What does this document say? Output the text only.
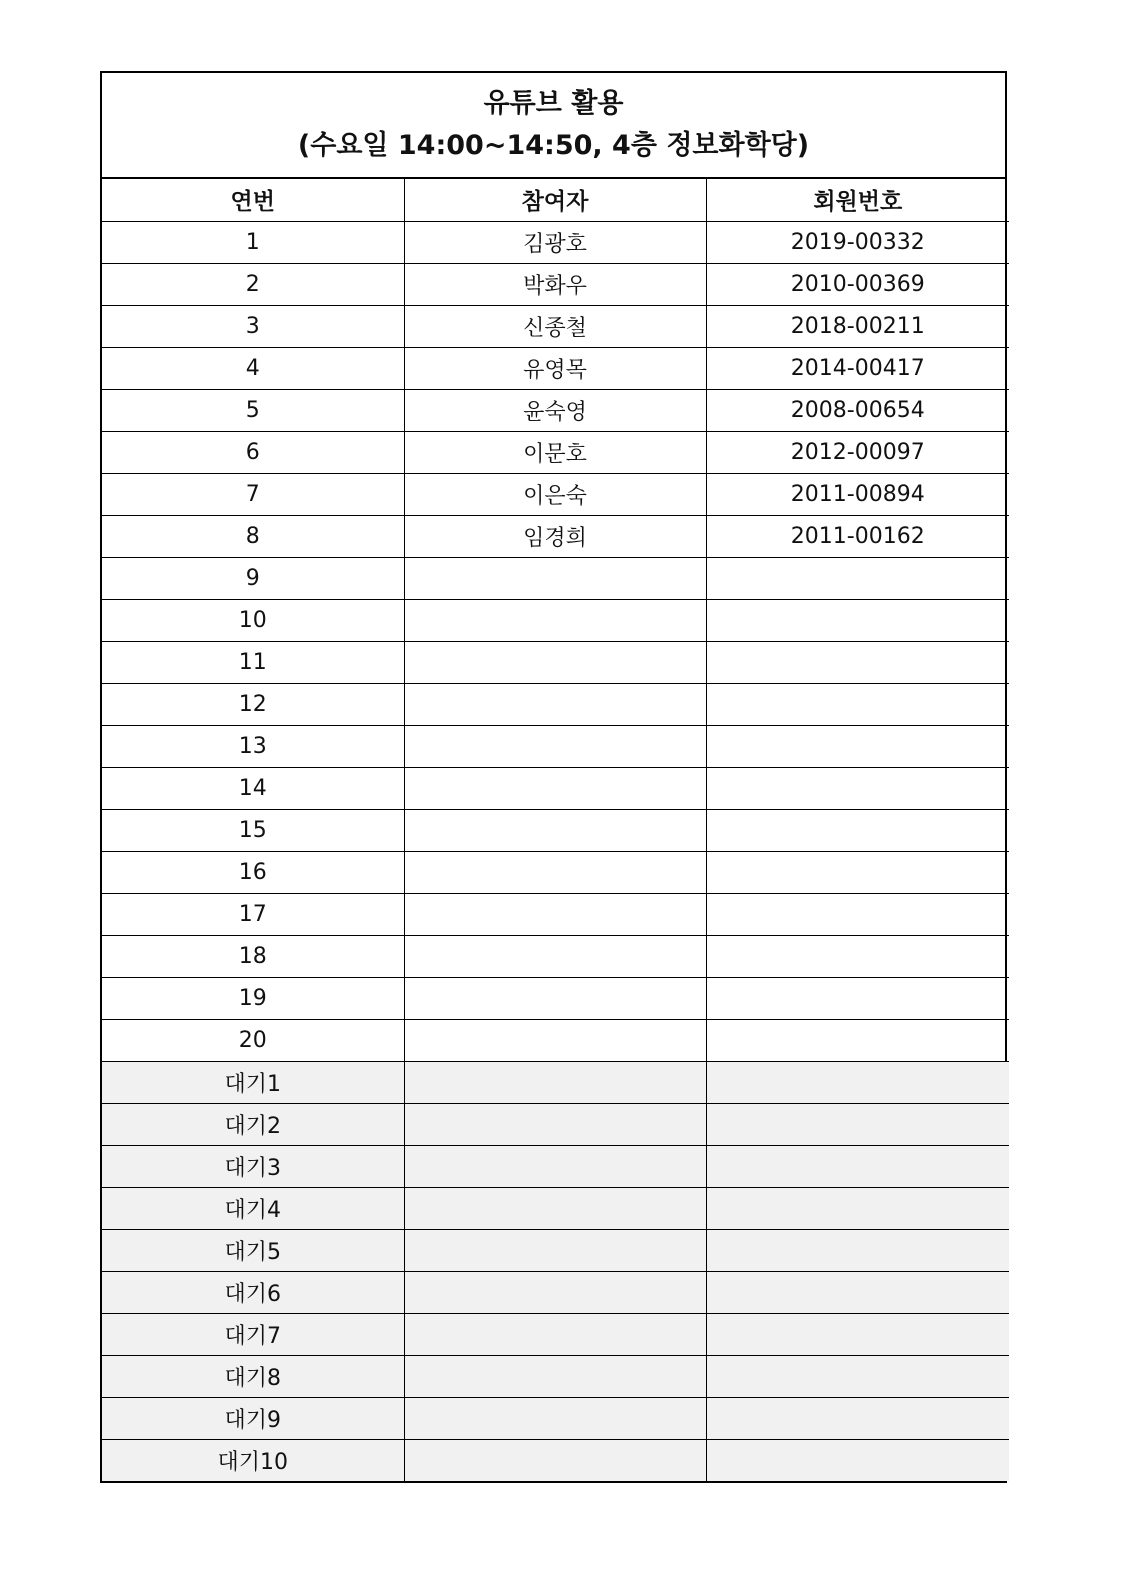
유튜브 활용
(수요일 14:00~14:50, 4층 정보화학당)
연번	참여자	회원번호
1	김광호	2019-00332
2	박화우	2010-00369
3	신종철	2018-00211
4	유영목	2014-00417
5	윤숙영	2008-00654
6	이문호	2012-00097
7	이은숙	2011-00894
8	임경희	2011-00162
9		
10		
11		
12		
13		
14		
15		
16		
17		
18		
19		
20		
대기1		
대기2		
대기3		
대기4		
대기5		
대기6		
대기7		
대기8		
대기9		
대기10		
